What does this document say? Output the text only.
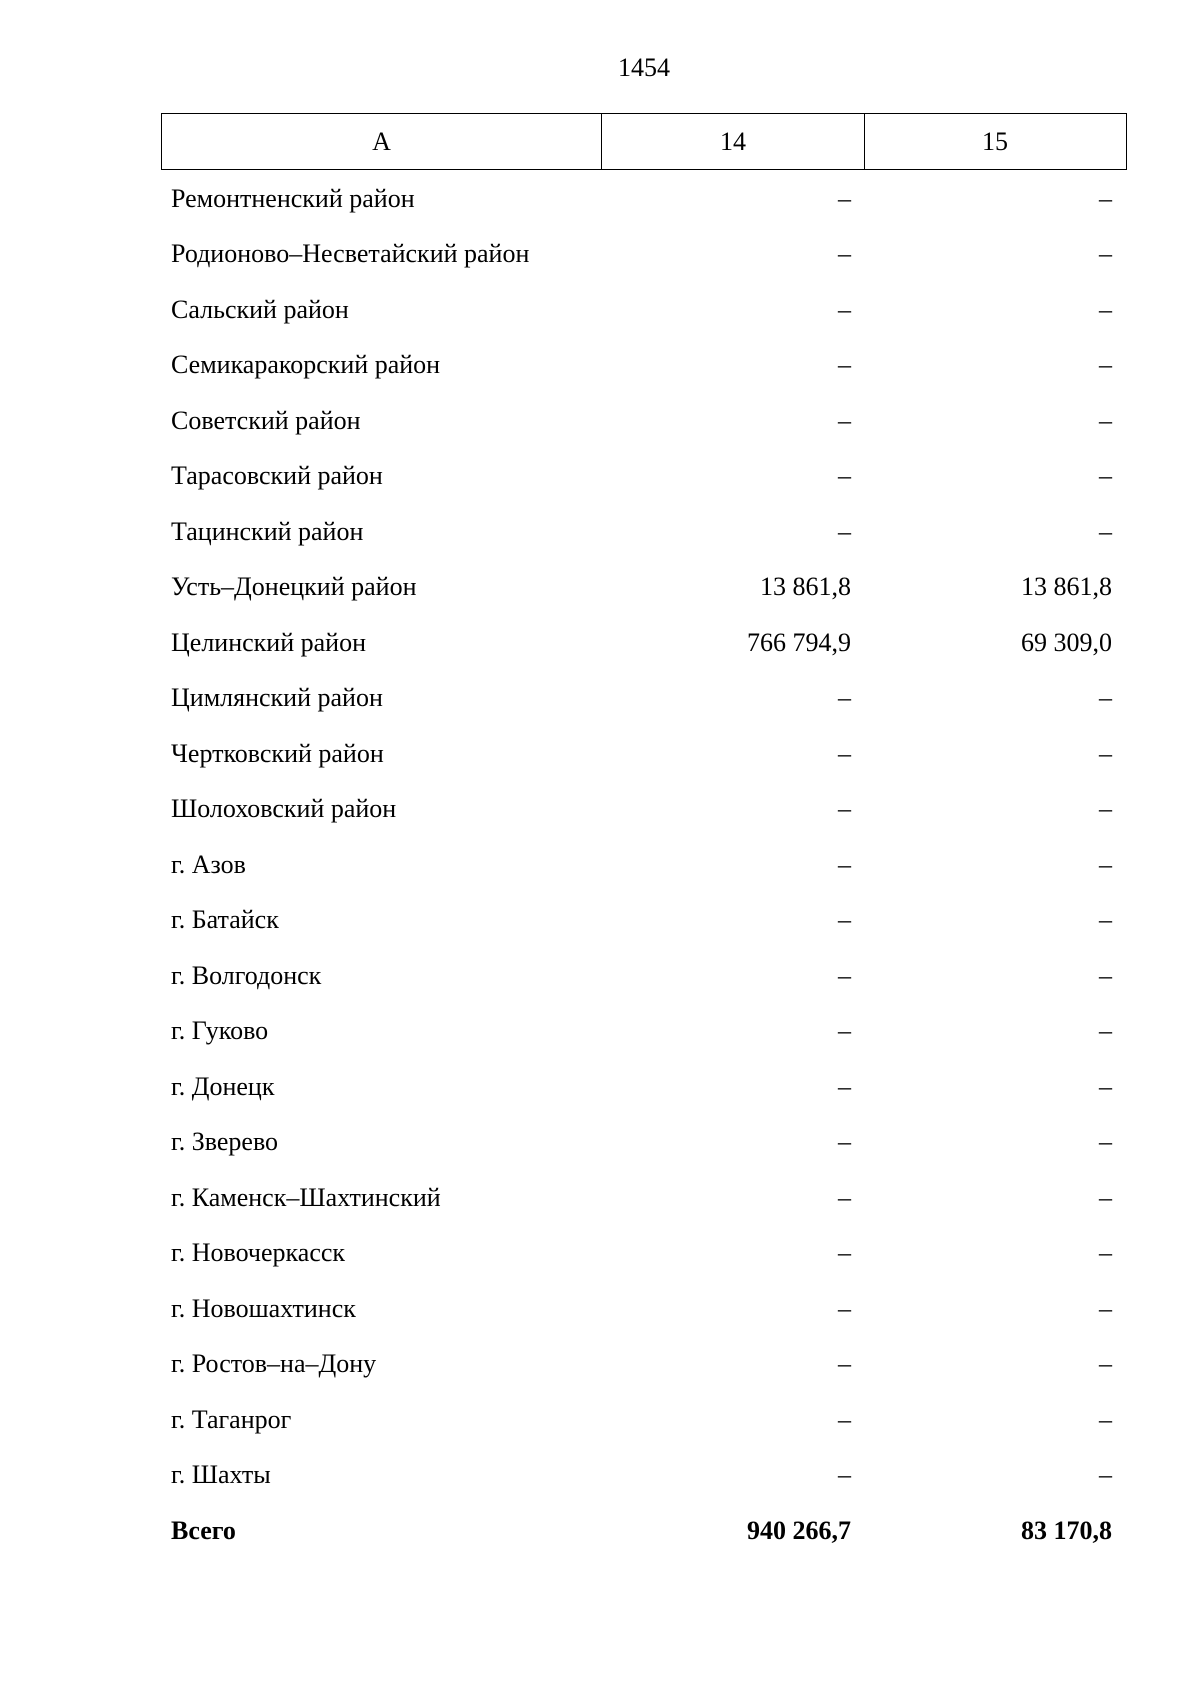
1454
А	14	15
Ремонтненский район	–	–
Родионово–Несветайский район	–	–
Сальский район	–	–
Семикаракорский район	–	–
Советский район	–	–
Тарасовский район	–	–
Тацинский район	–	–
Усть–Донецкий район	13 861,8	13 861,8
Целинский район	766 794,9	69 309,0
Цимлянский район	–	–
Чертковский район	–	–
Шолоховский район	–	–
г. Азов	–	–
г. Батайск	–	–
г. Волгодонск	–	–
г. Гуково	–	–
г. Донецк	–	–
г. Зверево	–	–
г. Каменск–Шахтинский	–	–
г. Новочеркасск	–	–
г. Новошахтинск	–	–
г. Ростов–на–Дону	–	–
г. Таганрог	–	–
г. Шахты	–	–
Всего	940 266,7	83 170,8
